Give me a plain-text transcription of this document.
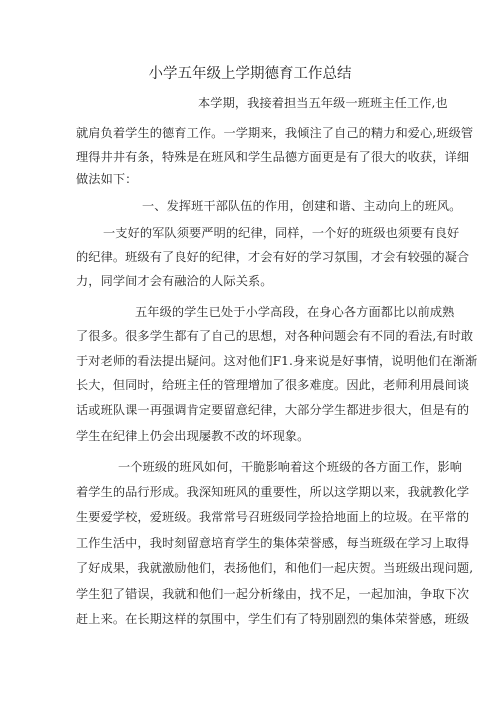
小学五年级上学期德育工作总结
本学期，我接着担当五年级一班班主任工作,也
就肩负着学生的德育工作。一学期来，我倾注了自己的精力和爱心,班级管
理得井井有条，特殊是在班风和学生品德方面更是有了很大的收获，详细
做法如下：
一、发挥班干部队伍的作用，创建和谐、主动向上的班风。
一支好的军队须要严明的纪律，同样，一个好的班级也须要有良好
的纪律。班级有了良好的纪律，才会有好的学习氛围，才会有较强的凝合
力，同学间才会有融洽的人际关系。
五年级的学生已处于小学高段，在身心各方面都比以前成熟
了很多。很多学生都有了自己的思想，对各种问题会有不同的看法,有时敢
于对老师的看法提出疑问。这对他们F1.身来说是好事情，说明他们在渐渐
长大，但同时，给班主任的管理增加了很多难度。因此，老师利用晨间谈
话或班队课一再强调肯定要留意纪律，大部分学生都进步很大，但是有的
学生在纪律上仍会出现屡教不改的坏现象。
一个班级的班风如何，干脆影响着这个班级的各方面工作，影响
着学生的品行形成。我深知班风的重要性，所以这学期以来，我就教化学
生要爱学校，爱班级。我常常号召班级同学捡拾地面上的垃圾。在平常的
工作生活中，我时刻留意培育学生的集体荣誉感，每当班级在学习上取得
了好成果，我就激励他们，表扬他们，和他们一起庆贺。当班级出现问题,
学生犯了错误，我就和他们一起分析缘由，找不足，一起加油，争取下次
赶上来。在长期这样的氛围中，学生们有了特别剧烈的集体荣誉感，班级
